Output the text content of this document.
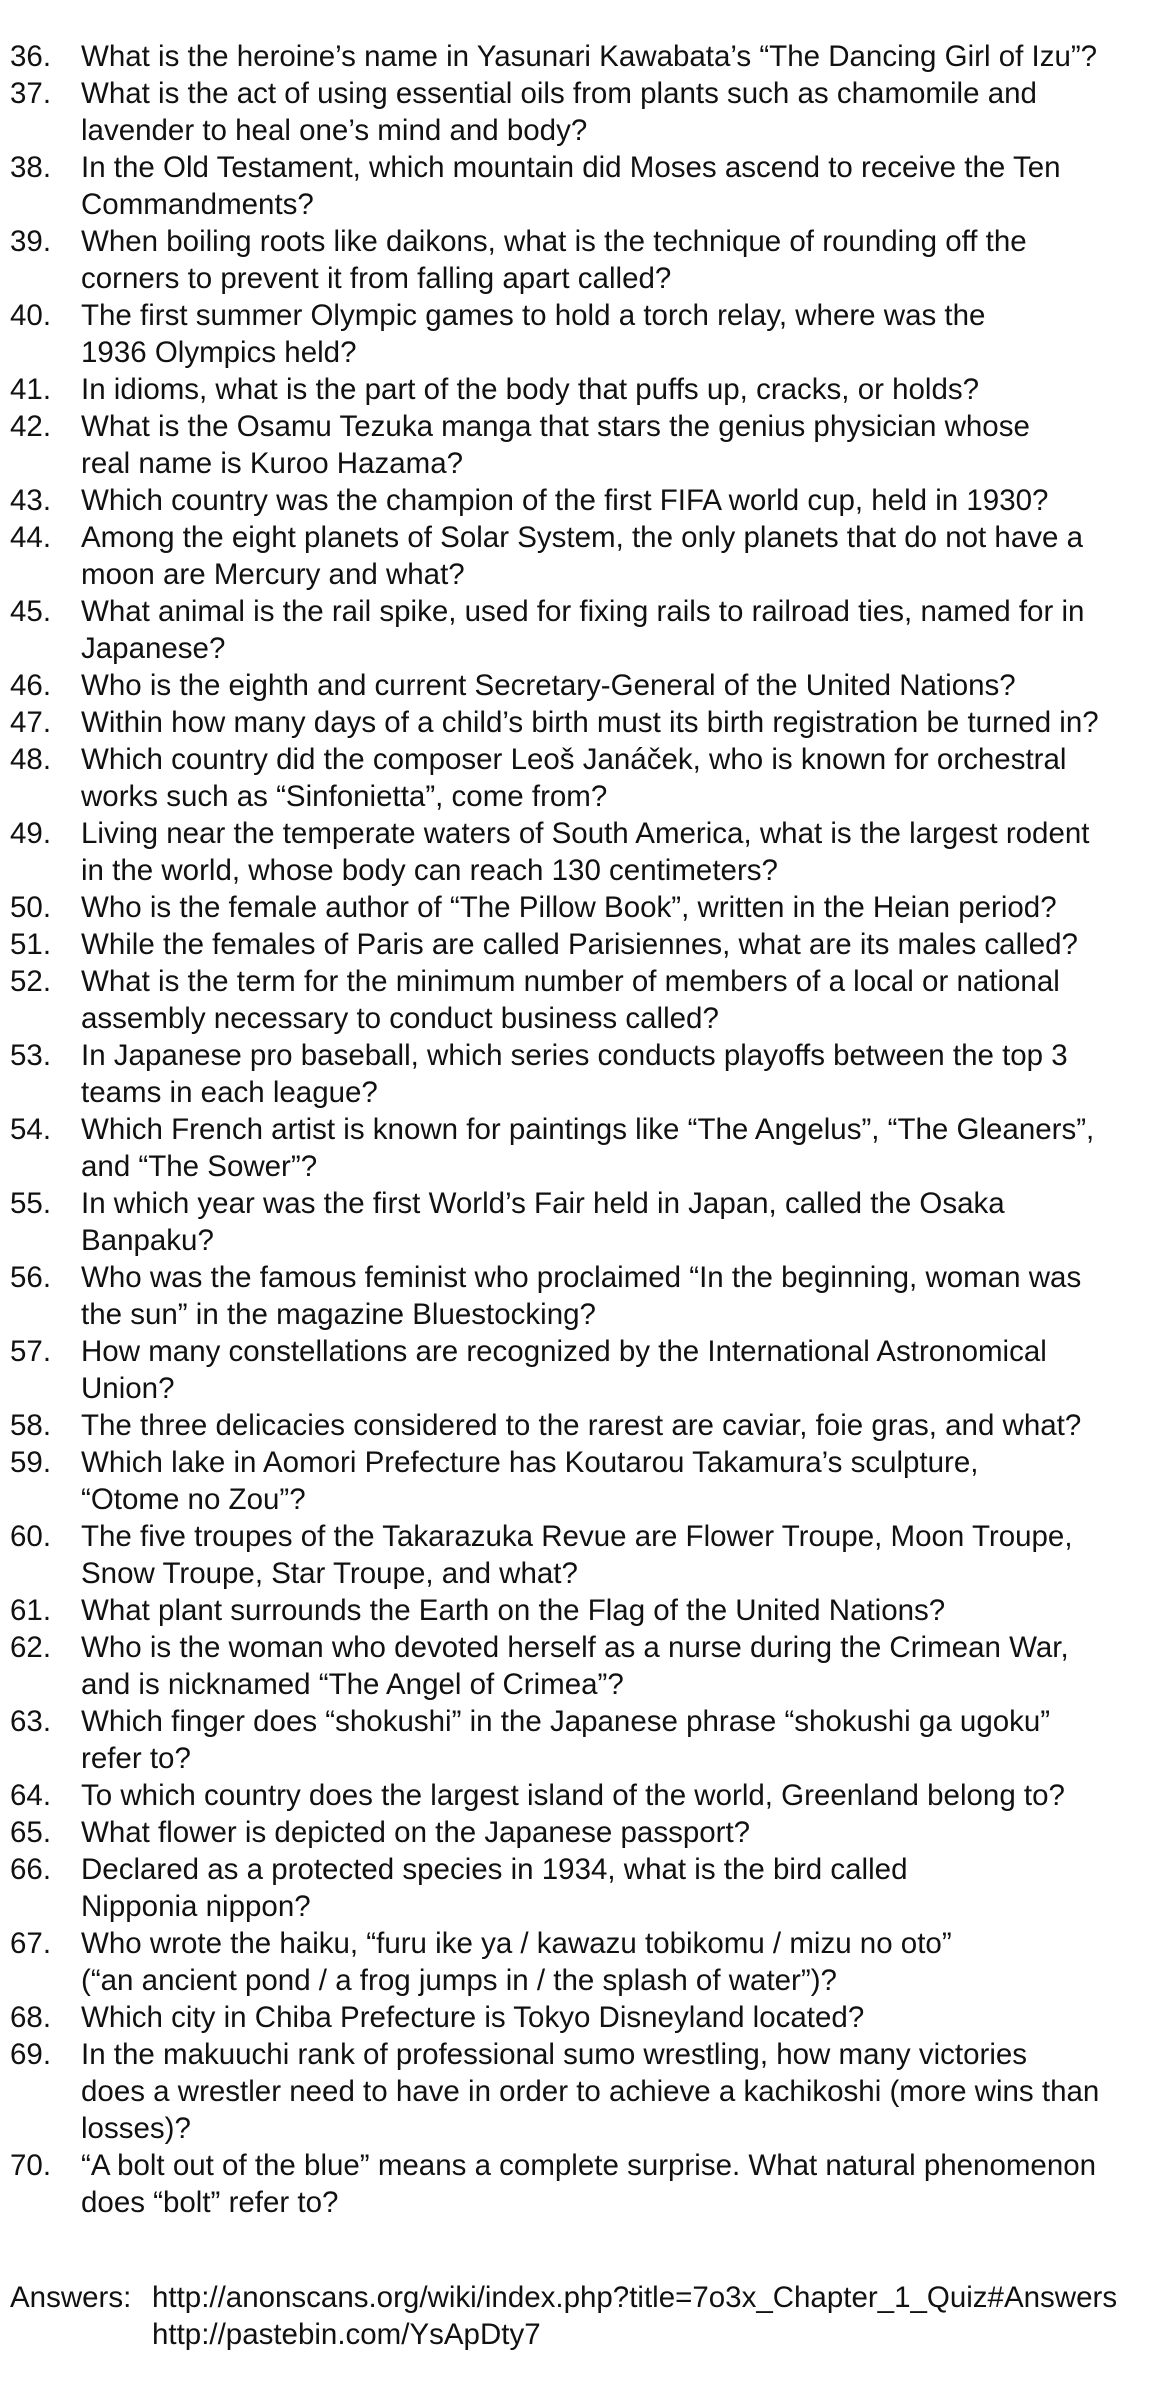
36.	What is the heroine’s name in Yasunari Kawabata’s “The Dancing Girl of Izu”?
37.	What is the act of using essential oils from plants such as chamomile and
lavender to heal one’s mind and body?
38.	In the Old Testament, which mountain did Moses ascend to receive the Ten
Commandments?
39.	When boiling roots like daikons, what is the technique of rounding off the
corners to prevent it from falling apart called?
40.	The first summer Olympic games to hold a torch relay, where was the
1936 Olympics held?
41.	In idioms, what is the part of the body that puffs up, cracks, or holds?
42.	What is the Osamu Tezuka manga that stars the genius physician whose
real name is Kuroo Hazama?
43.	Which country was the champion of the first FIFA world cup, held in 1930?
44.	Among the eight planets of Solar System, the only planets that do not have a
moon are Mercury and what?
45.	What animal is the rail spike, used for fixing rails to railroad ties, named for in
Japanese?
46.	Who is the eighth and current Secretary-General of the United Nations?
47.	Within how many days of a child’s birth must its birth registration be turned in?
48.	Which country did the composer Leoš Janáček, who is known for orchestral
works such as “Sinfonietta”, come from?
49.	Living near the temperate waters of South America, what is the largest rodent
in the world, whose body can reach 130 centimeters?
50.	Who is the female author of “The Pillow Book”, written in the Heian period?
51.	While the females of Paris are called Parisiennes, what are its males called?
52.	What is the term for the minimum number of members of a local or national
assembly necessary to conduct business called?
53.	In Japanese pro baseball, which series conducts playoffs between the top 3
teams in each league?
54.	Which French artist is known for paintings like “The Angelus”, “The Gleaners”,
and “The Sower”?
55.	In which year was the first World’s Fair held in Japan, called the Osaka
Banpaku?
56.	Who was the famous feminist who proclaimed “In the beginning, woman was
the sun” in the magazine Bluestocking?
57.	How many constellations are recognized by the International Astronomical
Union?
58.	The three delicacies considered to the rarest are caviar, foie gras, and what?
59.	Which lake in Aomori Prefecture has Koutarou Takamura’s sculpture,
“Otome no Zou”?
60.	The five troupes of the Takarazuka Revue are Flower Troupe, Moon Troupe,
Snow Troupe, Star Troupe, and what?
61.	What plant surrounds the Earth on the Flag of the United Nations?
62.	Who is the woman who devoted herself as a nurse during the Crimean War,
and is nicknamed “The Angel of Crimea”?
63.	Which finger does “shokushi” in the Japanese phrase “shokushi ga ugoku”
refer to?
64.	To which country does the largest island of the world, Greenland belong to?
65.	What flower is depicted on the Japanese passport?
66.	Declared as a protected species in 1934, what is the bird called
Nipponia nippon?
67.	Who wrote the haiku, “furu ike ya / kawazu tobikomu / mizu no oto”
(“an ancient pond / a frog jumps in / the splash of water”)?
68.	Which city in Chiba Prefecture is Tokyo Disneyland located?
69.	In the makuuchi rank of professional sumo wrestling, how many victories
does a wrestler need to have in order to achieve a kachikoshi (more wins than
losses)?
70.	“A bolt out of the blue” means a complete surprise. What natural phenomenon
does “bolt” refer to?
Answers: http://anonscans.org/wiki/index.php?title=7o3x_Chapter_1_Quiz#Answers
http://pastebin.com/YsApDty7
